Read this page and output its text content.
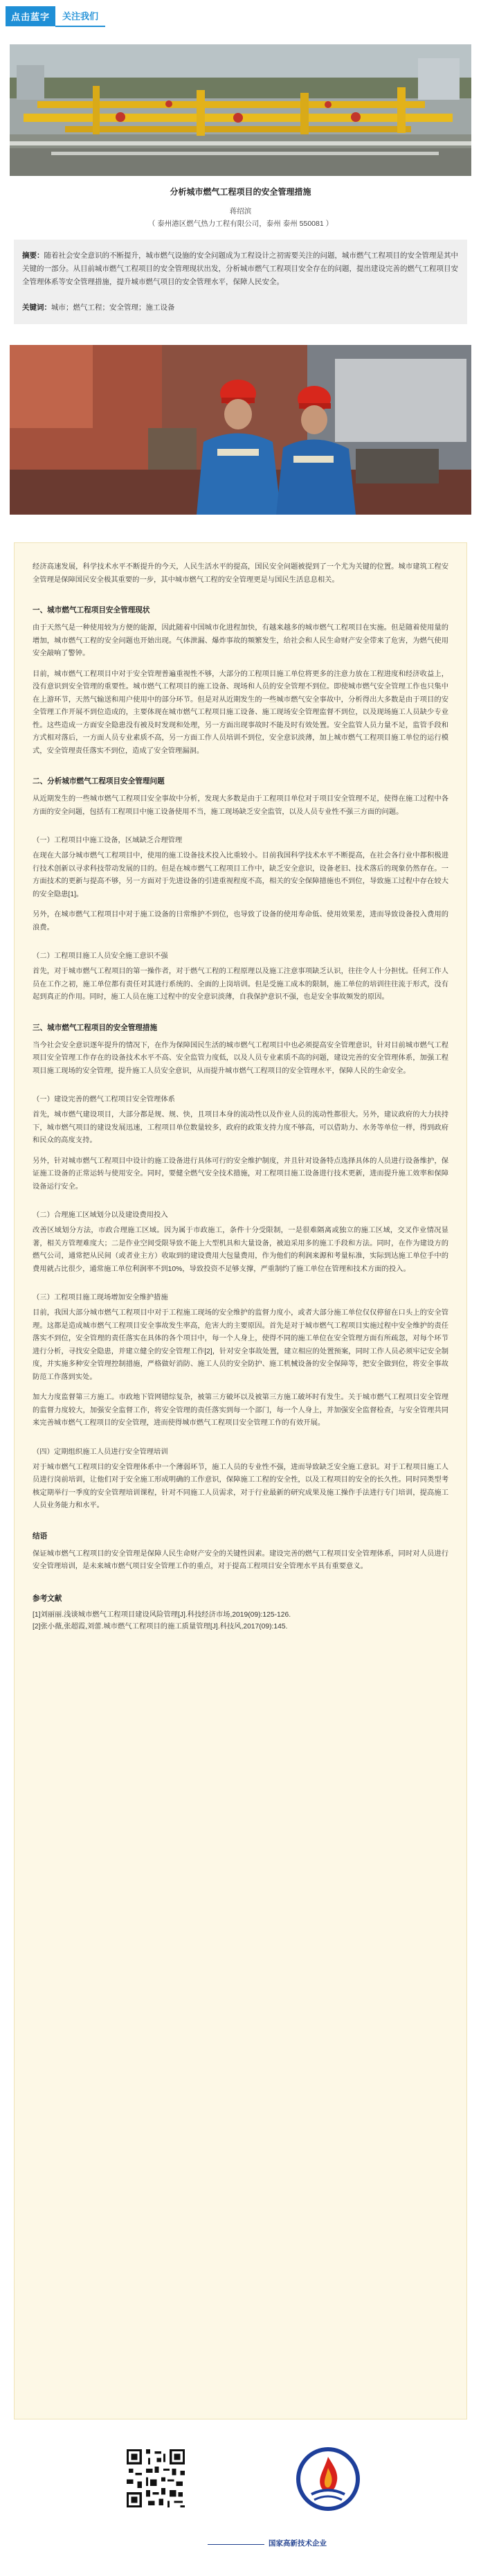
点击蓝字	关注我们
分析城市燃气工程项目的安全管理措施
蒋绍滨
（ 泰州港区燃气热力工程有限公司，泰州 泰州 550081 ）
摘要：随着社会安全意识的不断提升，城市燃气设施的安全问题成为工程设计之初需要关注的问题，城市燃气工程项目的安全管理是其中关键的一部分。从目前城市燃气工程项目的安全管理现状出发，分析城市燃气工程项目安全存在的问题，提出建设完善的燃气工程项目安全管理体系等安全管理措施，提升城市燃气项目的安全管理水平，保障人民安全。
关键词：城市；燃气工程；安全管理；施工设备

经济高速发展，科学技术水平不断提升的今天，人民生活水平的提高，国民安全问题被提到了一个尤为关键的位置。城市建筑工程安全管理是保障国民安全极其重要的一步，其中城市燃气工程的安全管理更是与国民生活息息相关。

一、城市燃气工程项目安全管理现状

由于天然气是一种使用较为方便的能源，因此随着中国城市化进程加快，有越来越多的城市燃气工程项目在实施。但是随着使用量的增加，城市燃气工程的安全问题也开始出现。气体泄漏、爆炸事故的频繁发生，给社会和人民生命财产安全带来了危害，为燃气使用安全敲响了警钟。

目前，城市燃气工程项目中对于安全管理普遍重视性不够，大部分的工程项目施工单位将更多的注意力放在工程进度和经济收益上，没有意识到安全管理的重要性。城市燃气工程项目的施工设备、现场和人员的安全管理不到位。即使城市燃气安全管理工作也只集中在上游环节，天然气输送和用户使用中的部分环节。但是对从近期发生的一些城市燃气安全事故中，分析得出大多数是由于项目的安全管理工作开展不到位造成的，主要体现在城市燃气工程项目施工设备、施工现场安全管理监督不到位，以及现场施工人员缺少专业性。这些造成一方面安全隐患没有被及时发现和处理，另一方面出现事故时不能及时有效处置。安全监管人员力量不足，监管手段和方式相对落后，一方面人员专业素质不高，另一方面工作人员培训不到位，安全意识淡薄，加上城市燃气工程项目施工单位的运行模式，安全管理责任落实不到位，造成了安全管理漏洞。

二、分析城市燃气工程项目安全管理问题

从近期发生的一些城市燃气工程项目安全事故中分析，发现大多数是由于工程项目单位对于项目安全管理不足，使得在施工过程中各方面的安全问题，包括有工程项目中施工设备使用不当，施工现场缺乏安全监管，以及人员专业性不强三方面的问题。

（一）工程项目中施工设备，区域缺乏合理管理

在现在大部分城市燃气工程项目中，使用的施工设备技术投入比重较小。目前我国科学技术水平不断提高，在社会各行业中都积极进行技术创新以寻求科技带动发展的目的。但是在城市燃气工程项目工作中，缺乏安全意识，设备老旧、技术落后的现象仍然存在。一方面技术的更新与提高不够，另一方面对于先进设备的引进重视程度不高，相关的安全保障措施也不到位，导致施工过程中存在较大的安全隐患[1]。

另外，在城市燃气工程项目中对于施工设备的日常维护不到位，也导致了设备的使用寿命低、使用效果差，进而导致设备投入费用的浪费。

（二）工程项目施工人员安全施工意识不强

首先，对于城市燃气工程项目的第一操作者，对于燃气工程的工程原理以及施工注意事项缺乏认识，往往令人十分担忧。任何工作人员在工作之初，施工单位都有责任对其进行系统的、全面的上岗培训。但是受施工成本的限制，施工单位的培训往往流于形式，没有起到真正的作用。同时，施工人员在施工过程中的安全意识淡薄，自我保护意识不强，也是安全事故频发的原因。

三、城市燃气工程项目的安全管理措施

当今社会安全意识逐年提升的情况下，在作为保障国民生活的城市燃气工程项目中也必须提高安全管理意识，针对目前城市燃气工程项目安全管理工作存在的设备技术水平不高、安全监管力度低，以及人员专业素质不高的问题，建设完善的安全管理体系，加强工程项目施工现场的安全管理，提升施工人员安全意识，从而提升城市燃气工程项目的安全管理水平，保障人民的生命安全。

（一）建设完善的燃气工程项目安全管理体系

首先，城市燃气建设项目，大部分都是规、规、快，且项目本身的流动性以及作业人员的流动性都很大。另外，建议政府的大力扶持下，城市燃气项目的建设发展迅速，工程项目单位数量较多，政府的政策支持力度不够高，可以借助力、水务等单位一样，得到政府和民众的高度支持。

另外，针对城市燃气工程项目中设计的施工设备进行具体可行的安全维护制度，并且针对设备特点选择具体的人员进行设备维护，保证施工设备的正常运转与使用安全。同时，要健全燃气安全技术措施，对工程项目施工设备进行技术更新，进而提升施工效率和保障设备运行安全。

（二）合理施工区域划分以及建设费用投入

改善区域划分方法，市政合理施工区域。因为属于市政施工，条件十分受限制，一是很难隔离或独立的施工区域，交叉作业情况显著，相关方管理难度大；二是作业空间受限导致不能上大型机具和大量设备，被迫采用多的施工手段和方法。同时，在作为建设方的燃气公司，通常把从民间（或者业主方）收取到的建设费用大包量费用，作为他们的利润来源和考量标准，实际到达施工单位手中的费用就占比很少，通常施工单位利润率不到10%，导致投资不足够支撑，严重制约了施工单位在管理和技术方面的投入。

（三）工程项目施工现场增加安全维护措施

目前，我国大部分城市燃气工程项目中对于工程施工现场的安全维护的监督力度小，或者大部分施工单位仅仅停留在口头上的安全管理。这都是造成城市燃气工程项目安全事故发生率高，危害大的主要原因。首先是对于城市燃气工程项目实施过程中安全维护的责任落实不到位，安全管理的责任落实在具体的各个项目中，每一个人身上，使得不同的施工单位在安全管理方面有所疏忽，对每个环节进行分析，寻找安全隐患，并建立健全的安全管理工作[2]，针对安全事故处置，建立相应的处置预案，同时工作人员必须牢记安全制度，并实施多种安全管理控制措施，严格做好消防、施工人员的安全防护、施工机械设备的安全保障等，把安全做到位，将安全事故防范工作落到实处。

加大力度监督第三方施工。市政地下管网错综复杂，被第三方破坏以及被第三方施工破坏时有发生。关于城市燃气工程项目安全管理的监督力度较大，加强安全监督工作，将安全管理的责任落实到每一个部门，每一个人身上，并加强安全监督检查，与安全管理共同来完善城市燃气工程项目的安全管理，进而使得城市燃气工程项目安全管理工作的有效开展。

（四）定期组织施工人员进行安全管理培训

对于城市燃气工程项目的安全管理体系中一个薄弱环节，施工人员的专业性不强，进而导致缺乏安全施工意识。对于工程项目施工人员进行岗前培训，让他们对于安全施工形成明确的工作意识，保障施工工程的安全性，以及工程项目的安全的长久性。同时同类型考核定期举行一季度的安全管理培训课程，针对不同施工人员需求，对于行业最新的研究成果及施工操作手法进行专门培训，提高施工人员业务能力和水平。

结语

保证城市燃气工程项目的安全管理是保障人民生命财产安全的关键性因素。建设完善的燃气工程项目安全管理体系，同时对人员进行安全管理培训，是未来城市燃气项目安全管理工作的重点，对于提高工程项目安全管理水平具有重要意义。

参考文献
[1]刘丽丽.浅谈城市燃气工程项目建设风险管理[J].科技经济市场,2019(09):125-126.
[2]张小薇,张超霞,刘蕾.城市燃气工程项目的施工质量管理[J].科技风,2017(09):145.
国家高新技术企业
